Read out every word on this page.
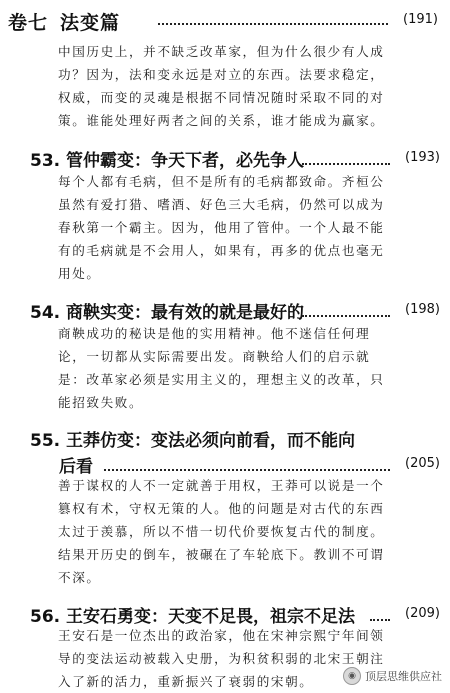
卷七 法变篇	(191)
中国历史上，并不缺乏改革家，但为什么很少有人成
功？因为，法和变永远是对立的东西。法要求稳定，
权威，而变的灵魂是根据不同情况随时采取不同的对
策。谁能处理好两者之间的关系，谁才能成为赢家。
53. 管仲霸变：争天下者，必先争人	(193)
每个人都有毛病，但不是所有的毛病都致命。齐桓公
虽然有爱打猎、嗜酒、好色三大毛病，仍然可以成为
春秋第一个霸主。因为，他用了管仲。一个人最不能
有的毛病就是不会用人，如果有，再多的优点也毫无
用处。
54. 商鞅实变：最有效的就是最好的	(198)
商鞅成功的秘诀是他的实用精神。他不迷信任何理
论，一切都从实际需要出发。商鞅给人们的启示就
是：改革家必须是实用主义的，理想主义的改革，只
能招致失败。
55. 王莽仿变：变法必须向前看，而不能向
后看	(205)
善于谋权的人不一定就善于用权，王莽可以说是一个
篡权有术，守权无策的人。他的问题是对古代的东西
太过于羡慕，所以不惜一切代价要恢复古代的制度。
结果开历史的倒车，被碾在了车轮底下。教训不可谓
不深。
56. 王安石勇变：天变不足畏，祖宗不足法	(209)
王安石是一位杰出的政治家，他在宋神宗熙宁年间领
导的变法运动被载入史册，为积贫积弱的北宋王朝注
入了新的活力，重新振兴了衰弱的宋朝。	◉ 顶层思维供应社
